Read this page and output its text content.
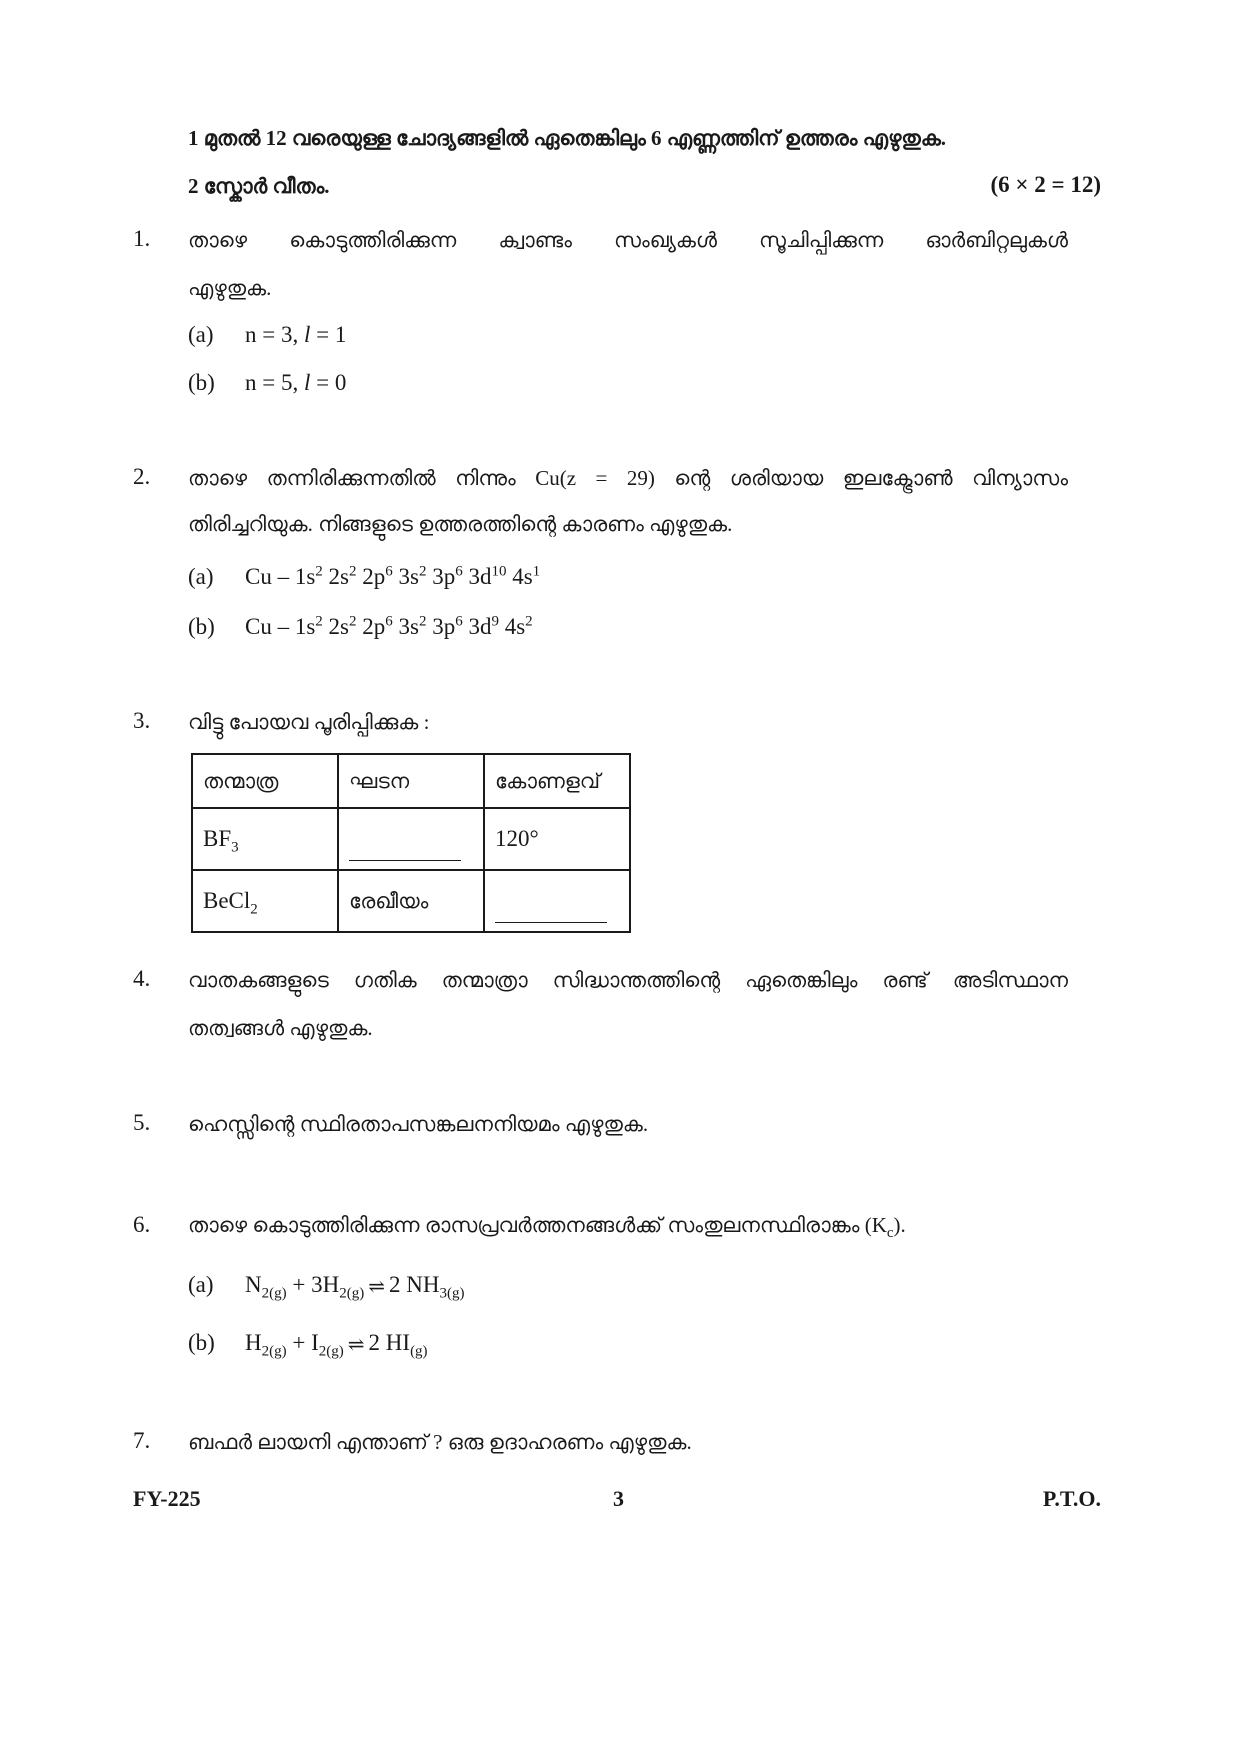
1 മുതൽ 12 വരെയുള്ള ചോദ്യങ്ങളിൽ ഏതെങ്കിലും 6 എണ്ണത്തിന് ഉത്തരം എഴുതുക.
2 സ്കോർ വീതം.	(6 × 2 = 12)
1. താഴെ കൊടുത്തിരിക്കുന്ന ക്വാണ്ടം സംഖ്യകൾ സൂചിപ്പിക്കുന്ന ഓർബിറ്റലുകൾ
എഴുതുക.
(a) n = 3, l = 1
(b) n = 5, l = 0
2. താഴെ തന്നിരിക്കുന്നതിൽ നിന്നും Cu(z = 29) ന്റെ ശരിയായ ഇലക്ട്രോൺ വിന്യാസം
തിരിച്ചറിയുക. നിങ്ങളുടെ ഉത്തരത്തിന്റെ കാരണം എഴുതുക.
(a) Cu – $1s^2$ $2s^2$ $2p^6$ $3s^2$ $3p^6$ $3d^{10}$ $4s^1$
(b) Cu – $1s^2$ $2s^2$ $2p^6$ $3s^2$ $3p^6$ $3d^9$ $4s^2$
3. വിട്ടു പോയവ പൂരിപ്പിക്കുക :
തന്മാത്ര	ഘടന	കോണളവ്
$BF_3$		120°
BeCl$_2$	രേഖീയം	
4. വാതകങ്ങളുടെ ഗതിക തന്മാത്രാ സിദ്ധാന്തത്തിന്റെ ഏതെങ്കിലും രണ്ട് അടിസ്ഥാന
തത്വങ്ങൾ എഴുതുക.
5. ഹെസ്സിന്റെ സ്ഥിരതാപസങ്കലനനിയമം എഴുതുക.
6. താഴെ കൊടുത്തിരിക്കുന്ന രാസപ്രവർത്തനങ്ങൾക്ക് സംതുലനസ്ഥിരാങ്കം $(K_c)$.
(a) $N_{2(g)} + 3H_{2(g)}$ ⇌ 2 $NH_{3(g)}$
(b) $H_{2(g)} + I_{2(g)}$ ⇌ 2 $HI_{(g)}$
7. ബഫർ ലായനി എന്താണ് ? ഒരു ഉദാഹരണം എഴുതുക.
FY-225	3	P.T.O.
